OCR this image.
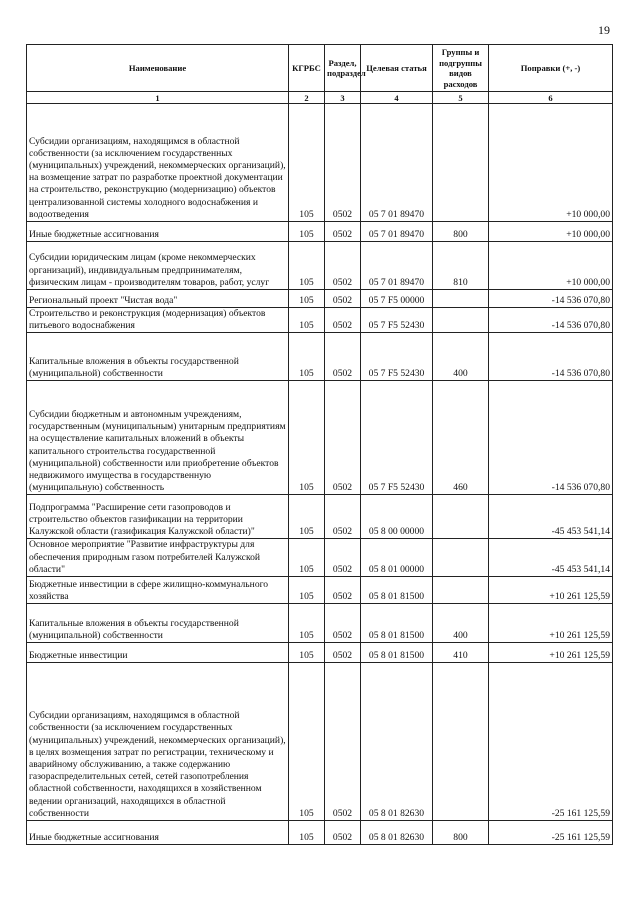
19
Наименование	КГРБС	Раздел, подраздел	Целевая статья	Группы и подгруппы видов расходов	Поправки (+, -)
1	2	3	4	5	6
Субсидии организациям, находящимся в областной собственности (за исключением государственных (муниципальных) учреждений, некоммерческих организаций), на возмещение затрат по разработке проектной документации на строительство, реконструкцию (модернизацию) объектов централизованной системы холодного водоснабжения и водоотведения	105	0502	05 7 01 89470		+10 000,00
Иные бюджетные ассигнования	105	0502	05 7 01 89470	800	+10 000,00
Субсидии юридическим лицам (кроме некоммерческих организаций), индивидуальным предпринимателям, физическим лицам - производителям товаров, работ, услуг	105	0502	05 7 01 89470	810	+10 000,00
Региональный проект "Чистая вода"	105	0502	05 7 F5 00000		-14 536 070,80
Строительство и реконструкция (модернизация) объектов питьевого водоснабжения	105	0502	05 7 F5 52430		-14 536 070,80
Капитальные вложения в объекты государственной (муниципальной) собственности	105	0502	05 7 F5 52430	400	-14 536 070,80
Субсидии бюджетным и автономным учреждениям, государственным (муниципальным) унитарным предприятиям на осуществление капитальных вложений в объекты капитального строительства государственной (муниципальной) собственности или приобретение объектов недвижимого имущества в государственную (муниципальную) собственность	105	0502	05 7 F5 52430	460	-14 536 070,80
Подпрограмма "Расширение сети газопроводов и строительство объектов газификации на территории Калужской области (газификация Калужской области)"	105	0502	05 8 00 00000		-45 453 541,14
Основное мероприятие "Развитие инфраструктуры для обеспечения природным газом потребителей Калужской области"	105	0502	05 8 01 00000		-45 453 541,14
Бюджетные инвестиции в сфере жилищно-коммунального хозяйства	105	0502	05 8 01 81500		+10 261 125,59
Капитальные вложения в объекты государственной (муниципальной) собственности	105	0502	05 8 01 81500	400	+10 261 125,59
Бюджетные инвестиции	105	0502	05 8 01 81500	410	+10 261 125,59
Субсидии организациям, находящимся в областной собственности (за исключением государственных (муниципальных) учреждений, некоммерческих организаций), в целях возмещения затрат по регистрации, техническому и аварийному обслуживанию, а также содержанию газораспределительных сетей, сетей газопотребления областной собственности, находящихся в хозяйственном ведении организаций, находящихся в областной собственности	105	0502	05 8 01 82630		-25 161 125,59
Иные бюджетные ассигнования	105	0502	05 8 01 82630	800	-25 161 125,59
